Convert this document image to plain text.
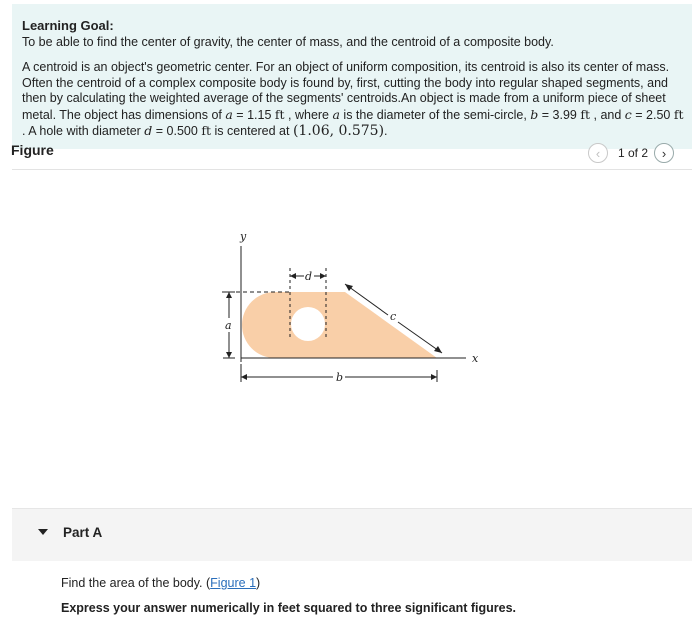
Learning Goal:
To be able to find the center of gravity, the center of mass, and the centroid of a composite body.
A centroid is an object's geometric center. For an object of uniform composition, its centroid is also its center of mass. Often the centroid of a complex composite body is found by, first, cutting the body into regular shaped segments, and then by calculating the weighted average of the segments' centroids.An object is made from a uniform piece of sheet metal. The object has dimensions of a = 1.15 ft , where a is the diameter of the semi-circle, b = 3.99 ft , and c = 2.50 ft . A hole with diameter d = 0.500 ft is centered at (1.06, 0.575).
Figure	‹ 1 of 2 ›
y
x
d
c
a
b
Part A
Find the area of the body. (Figure 1)
Express your answer numerically in feet squared to three significant figures.
